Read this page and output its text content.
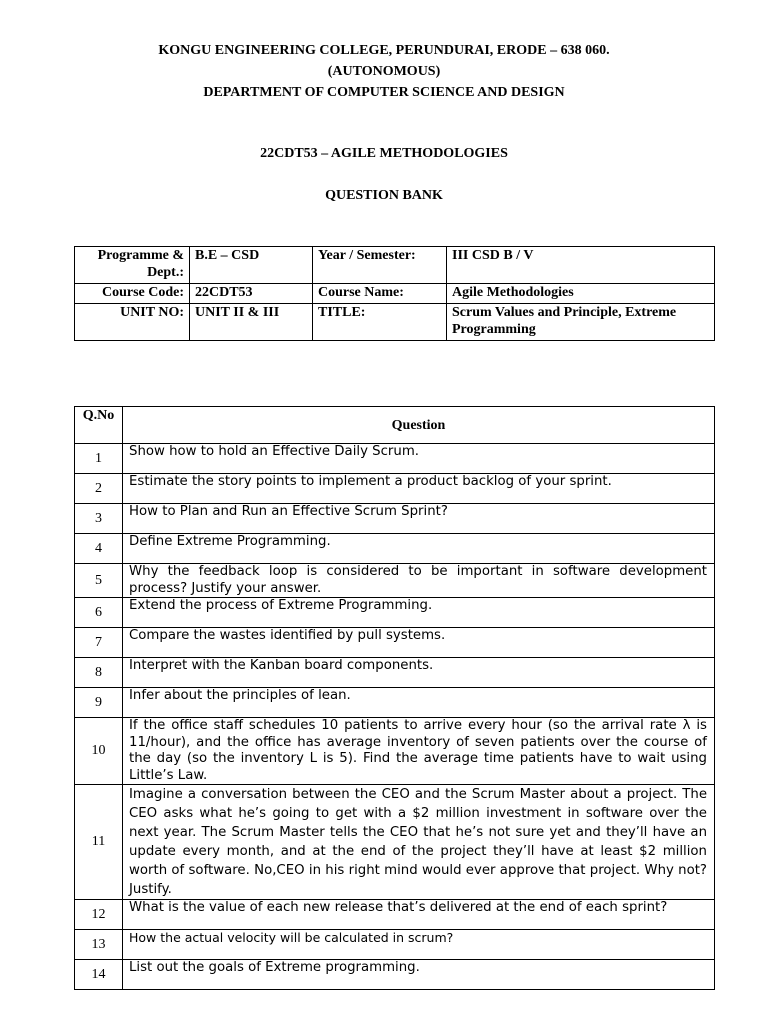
KONGU ENGINEERING COLLEGE, PERUNDURAI, ERODE – 638 060.
(AUTONOMOUS)
DEPARTMENT OF COMPUTER SCIENCE AND DESIGN
22CDT53 – AGILE METHODOLOGIES
QUESTION BANK
Programme & Dept.:	B.E – CSD	Year / Semester:	III CSD B / V
Course Code:	22CDT53	Course Name:	Agile Methodologies
UNIT NO:	UNIT II & III	TITLE:	Scrum Values and Principle, Extreme Programming
Q.No	Question
1	Show how to hold an Effective Daily Scrum.
2	Estimate the story points to implement a product backlog of your sprint.
3	How to Plan and Run an Effective Scrum Sprint?
4	Define Extreme Programming.
5	Why the feedback loop is considered to be important in software development process? Justify your answer.
6	Extend the process of Extreme Programming.
7	Compare the wastes identified by pull systems.
8	Interpret with the Kanban board components.
9	Infer about the principles of lean.
10	If the office staff schedules 10 patients to arrive every hour (so the arrival rate λ is 11/hour), and the office has average inventory of seven patients over the course of the day (so the inventory L is 5). Find the average time patients have to wait using Little’s Law.
11	Imagine a conversation between the CEO and the Scrum Master about a project. The CEO asks what he’s going to get with a $2 million investment in software over the next year. The Scrum Master tells the CEO that he’s not sure yet and they’ll have an update every month, and at the end of the project they’ll have at least $2 million worth of software. No,CEO in his right mind would ever approve that project. Why not? Justify.
12	What is the value of each new release that’s delivered at the end of each sprint?
13	How the actual velocity will be calculated in scrum?
14	List out the goals of Extreme programming.
